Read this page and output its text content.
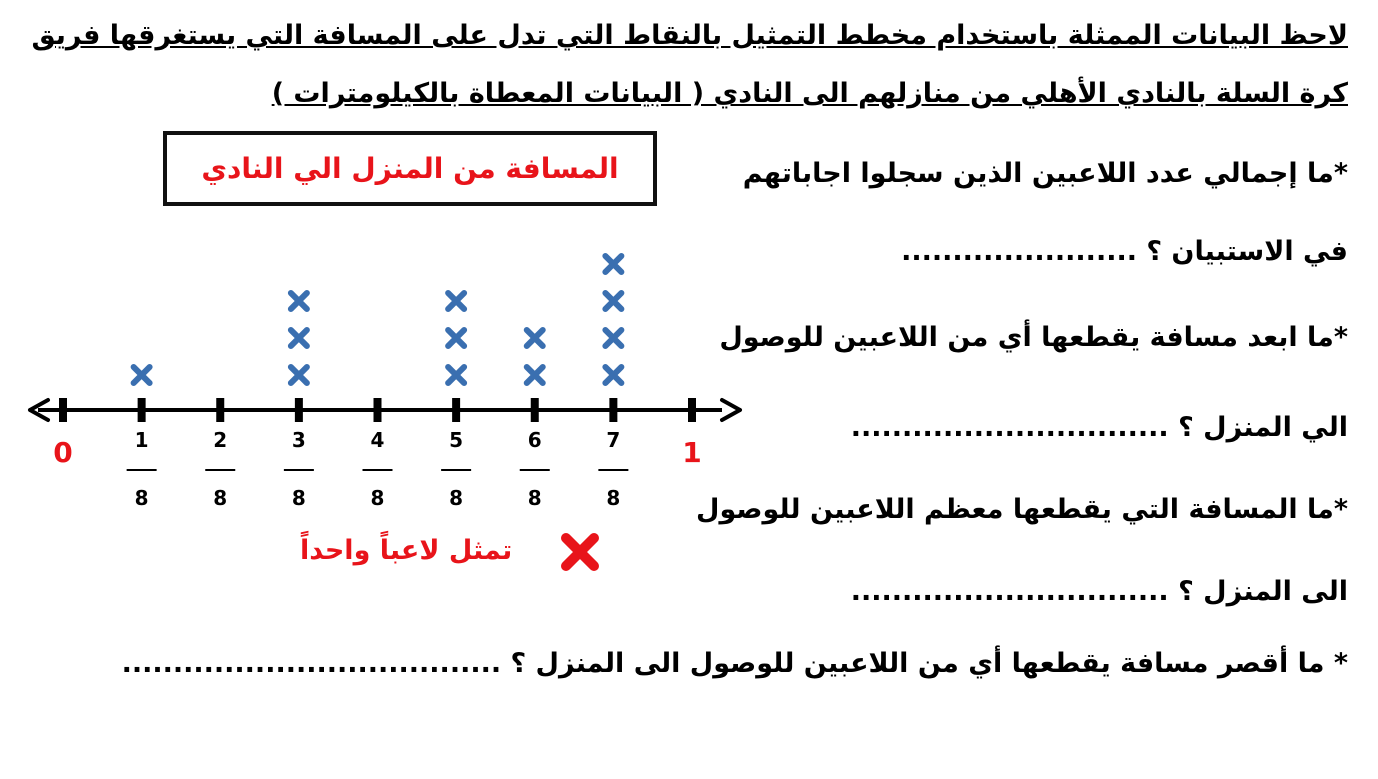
لاحظ البيانات الممثلة باستخدام مخطط التمثيل بالنقاط التي تدل على المسافة التي يستغرقها فريق
كرة السلة بالنادي الأهلي من منازلهم الى النادي ( البيانات المعطاة بالكيلومترات )
المسافة من المنزل الي النادي	*ما إجمالي عدد اللاعبين الذين سجلوا اجاباتهم
في الاستبيان ؟ .......................
*ما ابعد مسافة يقطعها أي من اللاعبين للوصول
الي المنزل ؟ ...............................
*ما المسافة التي يقطعها معظم اللاعبين للوصول
الى المنزل ؟ ...............................
* ما أقصر مسافة يقطعها أي من اللاعبين للوصول الى المنزل ؟ .....................................
0	1
1
8
2
8
3
8
4
8
5
8
6
8
7
8
تمثل لاعباً واحداً
